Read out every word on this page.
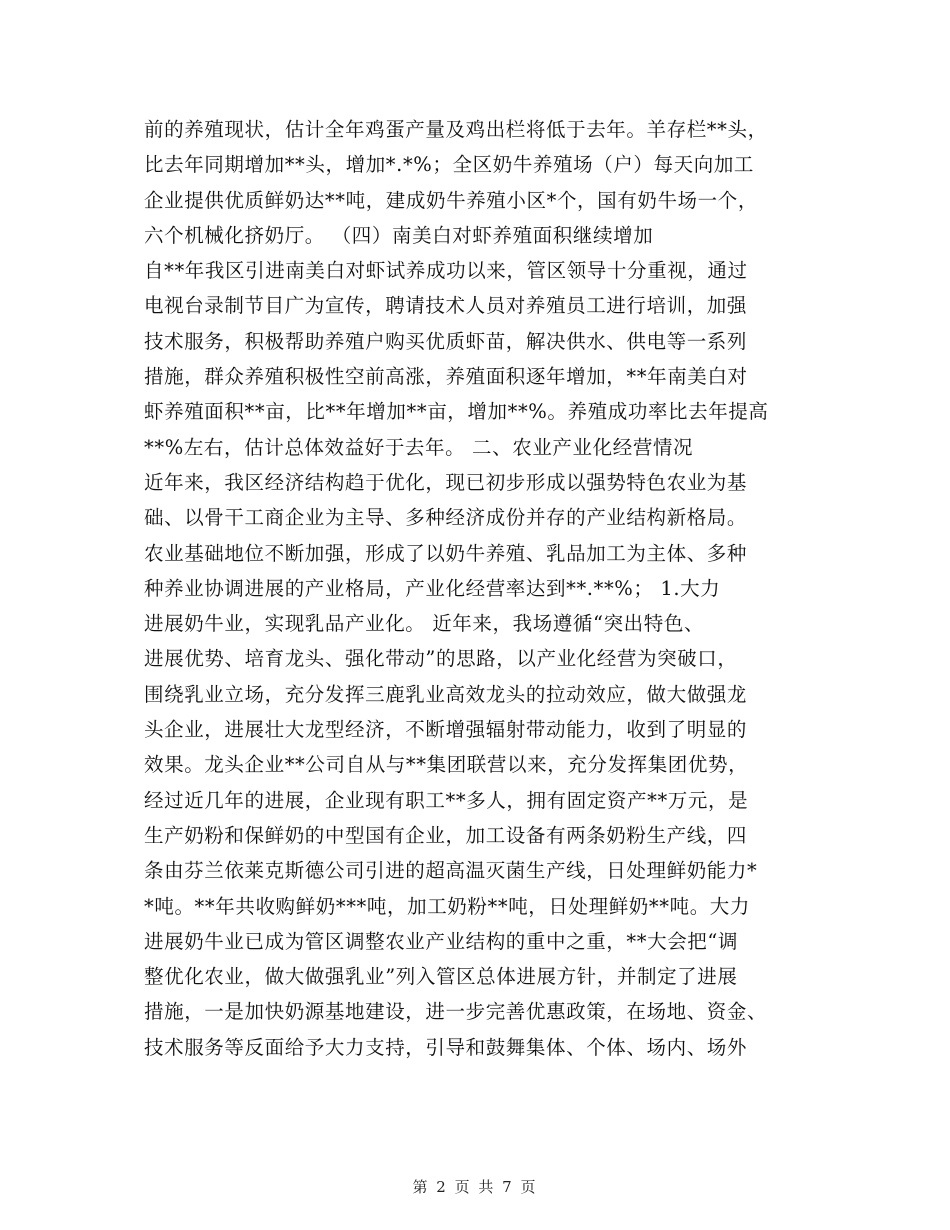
前的养殖现状，估计全年鸡蛋产量及鸡出栏将低于去年。羊存栏**头，
比去年同期增加**头，增加*.*%；全区奶牛养殖场（户）每天向加工
企业提供优质鲜奶达**吨，建成奶牛养殖小区*个，国有奶牛场一个，
六个机械化挤奶厅。 （四）南美白对虾养殖面积继续增加
自**年我区引进南美白对虾试养成功以来，管区领导十分重视，通过
电视台录制节目广为宣传，聘请技术人员对养殖员工进行培训，加强
技术服务，积极帮助养殖户购买优质虾苗，解决供水、供电等一系列
措施，群众养殖积极性空前高涨，养殖面积逐年增加，**年南美白对
虾养殖面积**亩，比**年增加**亩，增加**%。养殖成功率比去年提高
**%左右，估计总体效益好于去年。 二、农业产业化经营情况
近年来，我区经济结构趋于优化，现已初步形成以强势特色农业为基
础、以骨干工商企业为主导、多种经济成份并存的产业结构新格局。
农业基础地位不断加强，形成了以奶牛养殖、乳品加工为主体、多种
种养业协调进展的产业格局，产业化经营率达到**.**%； 1.大力
进展奶牛业，实现乳品产业化。 近年来，我场遵循“突出特色、
进展优势、培育龙头、强化带动”的思路，以产业化经营为突破口，
围绕乳业立场，充分发挥三鹿乳业高效龙头的拉动效应，做大做强龙
头企业，进展壮大龙型经济，不断增强辐射带动能力，收到了明显的
效果。龙头企业**公司自从与**集团联营以来，充分发挥集团优势，
经过近几年的进展，企业现有职工**多人，拥有固定资产**万元，是
生产奶粉和保鲜奶的中型国有企业，加工设备有两条奶粉生产线，四
条由芬兰依莱克斯德公司引进的超高温灭菌生产线，日处理鲜奶能力*
*吨。**年共收购鲜奶***吨，加工奶粉**吨，日处理鲜奶**吨。大力
进展奶牛业已成为管区调整农业产业结构的重中之重，**大会把“调
整优化农业，做大做强乳业”列入管区总体进展方针，并制定了进展
措施，一是加快奶源基地建设，进一步完善优惠政策，在场地、资金、
技术服务等反面给予大力支持，引导和鼓舞集体、个体、场内、场外
第 2 页 共 7 页
